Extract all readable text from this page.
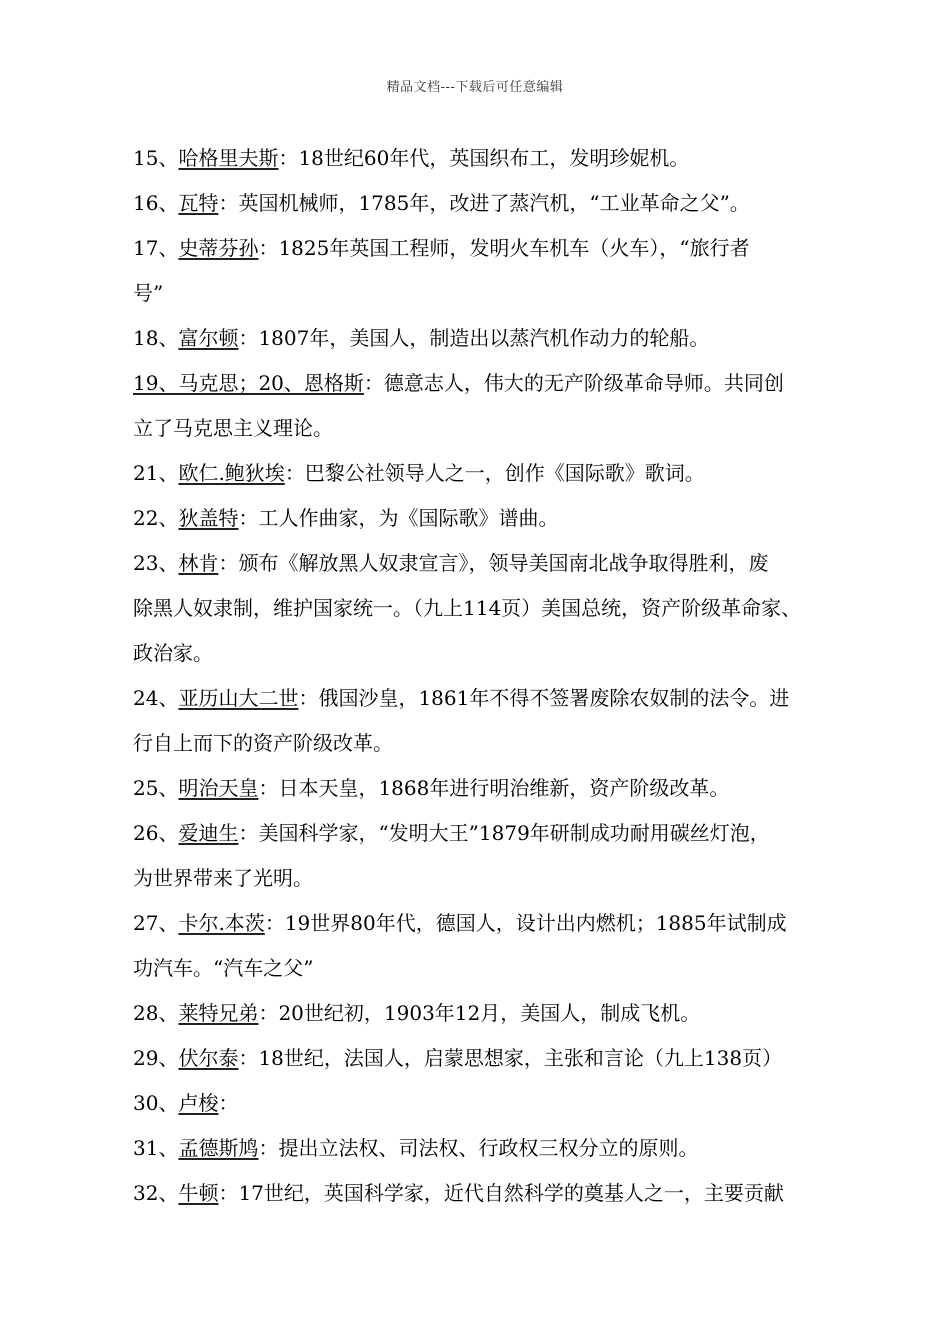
精品文档---下载后可任意编辑
15、哈格里夫斯：18世纪60年代，英国织布工，发明珍妮机。
16、瓦特：英国机械师，1785年，改进了蒸汽机，“工业革命之父”。
17、史蒂芬孙：1825年英国工程师，发明火车机车（火车），“旅行者
号”
18、富尔顿：1807年，美国人，制造出以蒸汽机作动力的轮船。
19、马克思；20、恩格斯：德意志人，伟大的无产阶级革命导师。共同创
立了马克思主义理论。
21、欧仁.鲍狄埃：巴黎公社领导人之一，创作《国际歌》歌词。
22、狄盖特：工人作曲家，为《国际歌》谱曲。
23、林肯：颁布《解放黑人奴隶宣言》，领导美国南北战争取得胜利，废
除黑人奴隶制，维护国家统一。（九上114页）美国总统，资产阶级革命家、
政治家。
24、亚历山大二世：俄国沙皇，1861年不得不签署废除农奴制的法令。进
行自上而下的资产阶级改革。
25、明治天皇：日本天皇，1868年进行明治维新，资产阶级改革。
26、爱迪生：美国科学家，“发明大王”1879年研制成功耐用碳丝灯泡，
为世界带来了光明。
27、卡尔.本茨：19世界80年代，德国人，设计出内燃机；1885年试制成
功汽车。“汽车之父”
28、莱特兄弟：20世纪初，1903年12月，美国人，制成飞机。
29、伏尔泰：18世纪，法国人，启蒙思想家，主张和言论（九上138页）
30、卢梭：
31、孟德斯鸠：提出立法权、司法权、行政权三权分立的原则。
32、牛顿：17世纪，英国科学家，近代自然科学的奠基人之一，主要贡献
